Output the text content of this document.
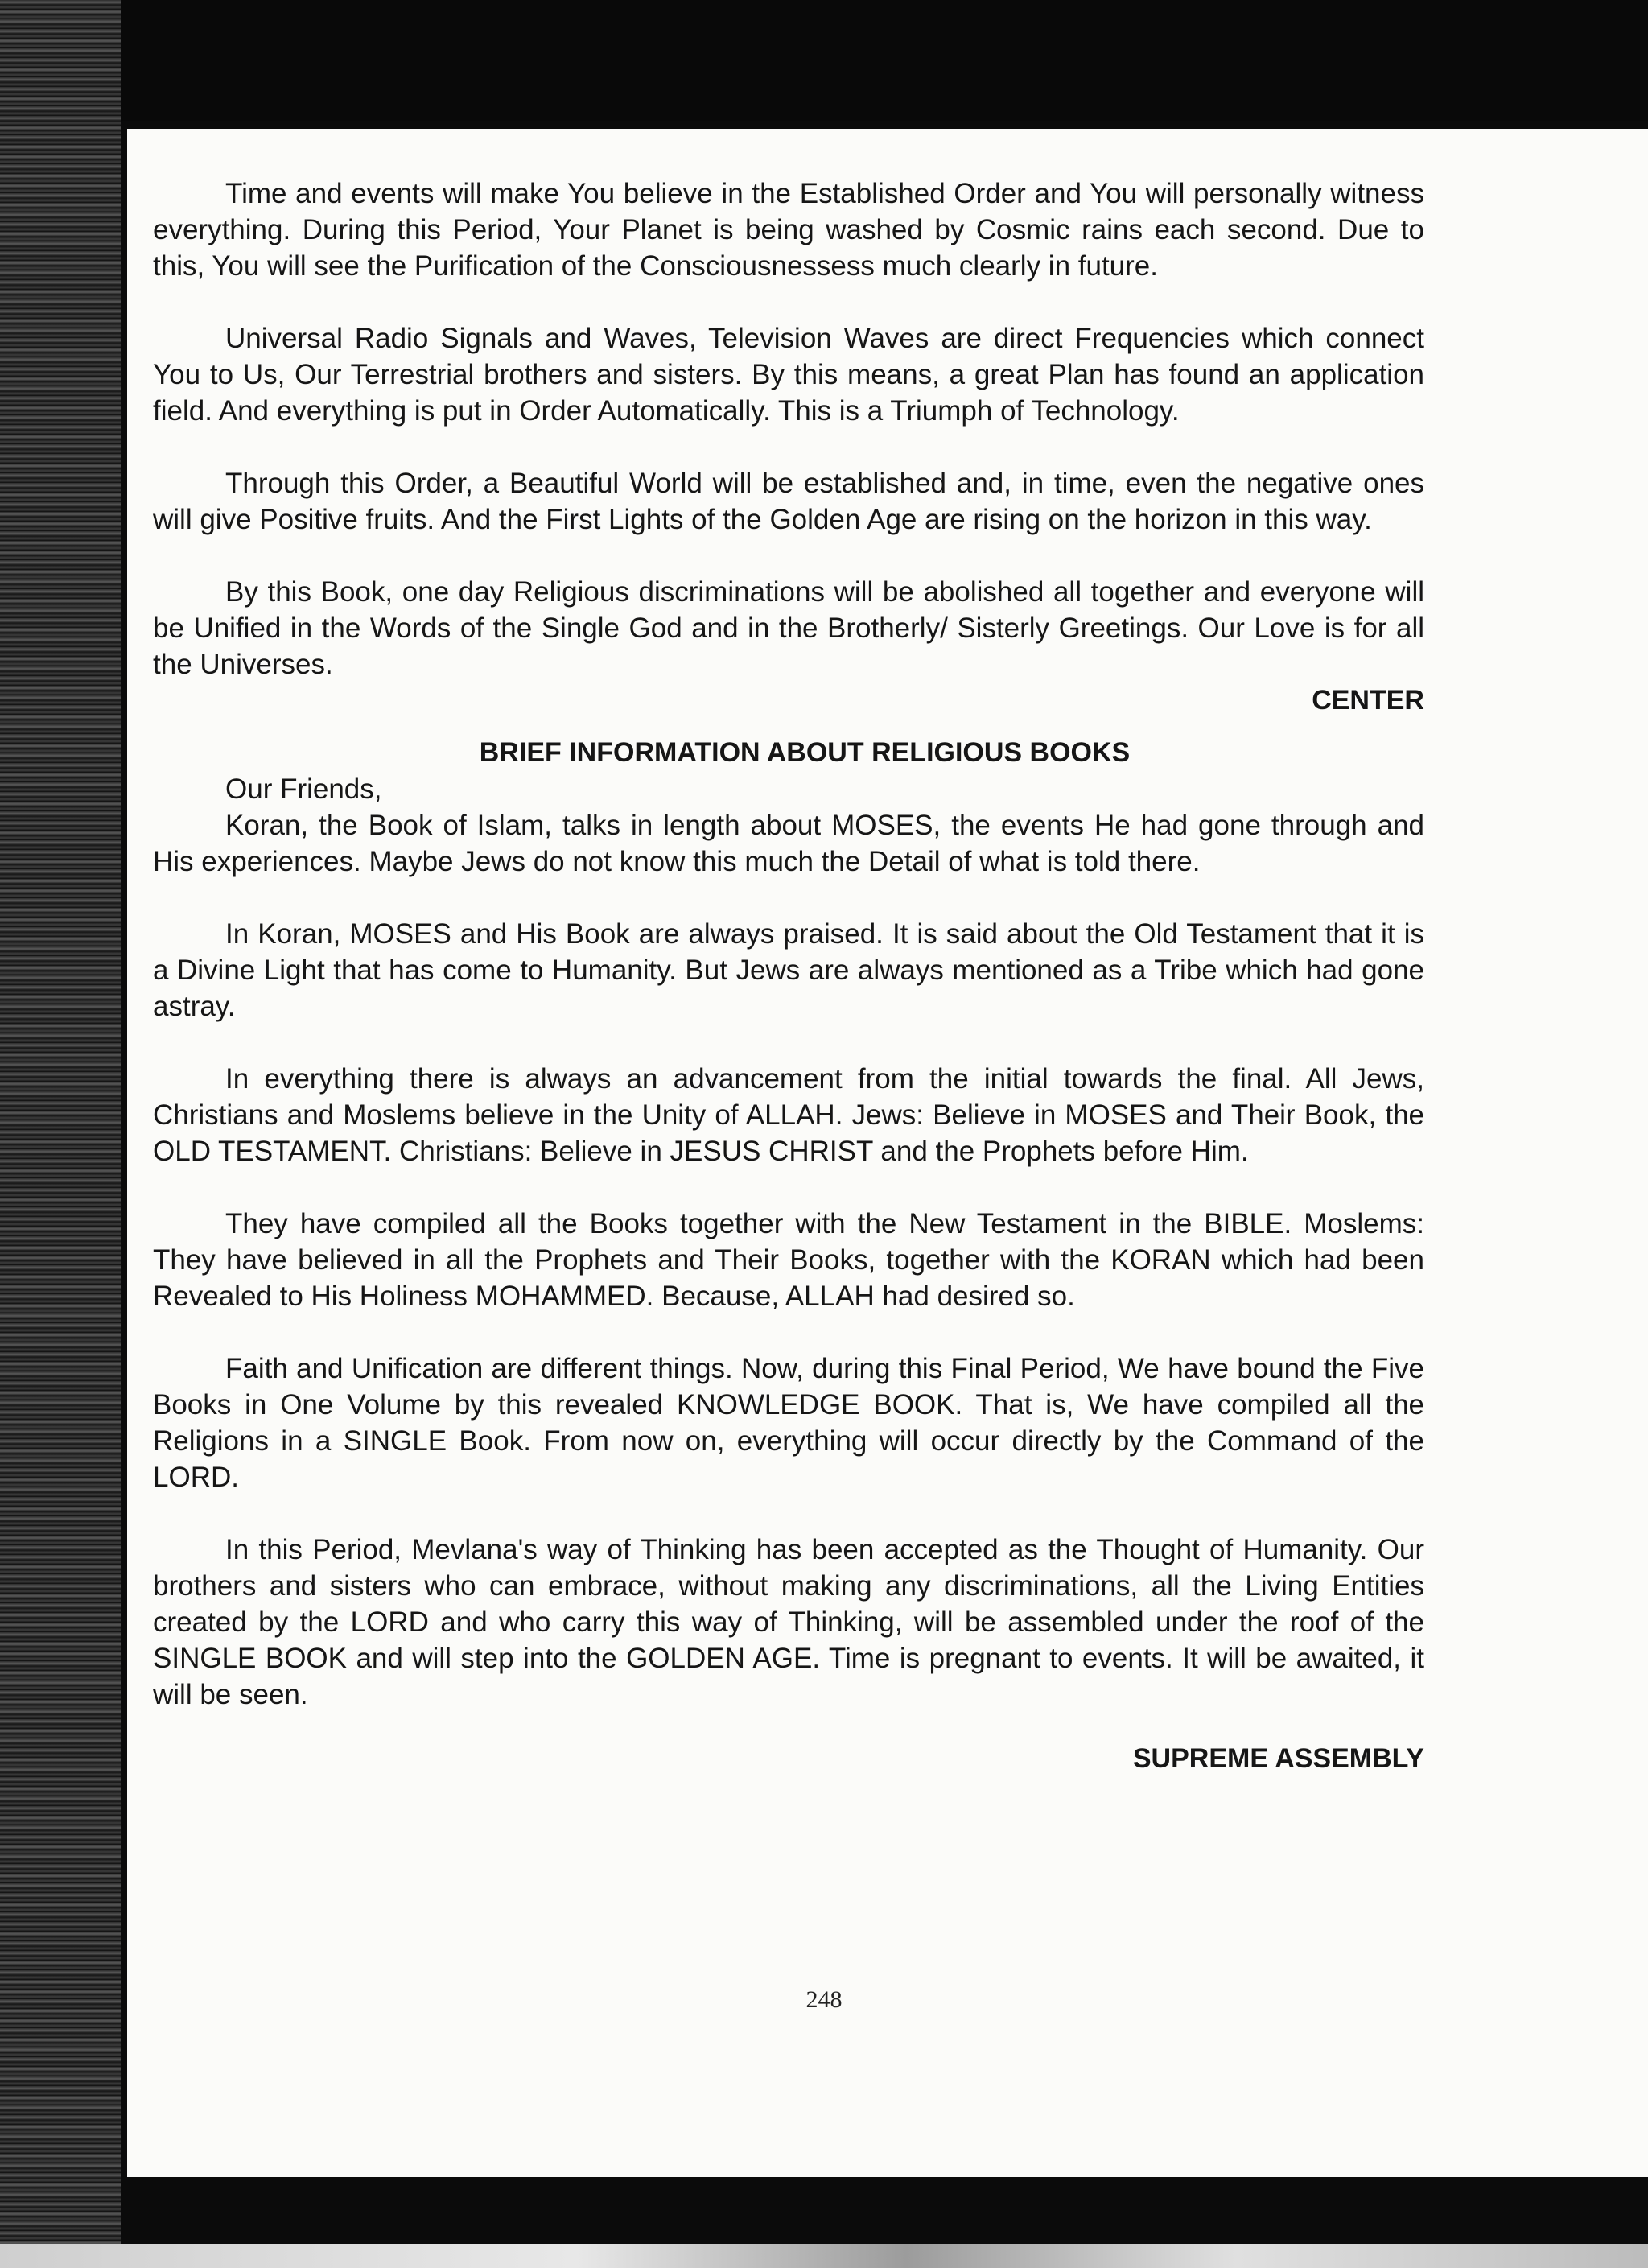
Time and events will make You believe in the Established Order and You will personally witness everything. During this Period, Your Planet is being washed by Cosmic rains each second. Due to this, You will see the Purification of the Consciousnessess much clearly in future.

Universal Radio Signals and Waves, Television Waves are direct Frequencies which connect You to Us, Our Terrestrial brothers and sisters. By this means, a great Plan has found an application field. And everything is put in Order Automatically. This is a Triumph of Technology.

Through this Order, a Beautiful World will be established and, in time, even the negative ones will give Positive fruits. And the First Lights of the Golden Age are rising on the horizon in this way.

By this Book, one day Religious discriminations will be abolished all together and everyone will be Unified in the Words of the Single God and in the Brotherly/ Sisterly Greetings. Our Love is for all the Universes.

CENTER
BRIEF INFORMATION ABOUT RELIGIOUS BOOKS
Our Friends,

Koran, the Book of Islam, talks in length about MOSES, the events He had gone through and His experiences. Maybe Jews do not know this much the Detail of what is told there.

In Koran, MOSES and His Book are always praised. It is said about the Old Testament that it is a Divine Light that has come to Humanity. But Jews are always mentioned as a Tribe which had gone astray.

In everything there is always an advancement from the initial towards the final. All Jews, Christians and Moslems believe in the Unity of ALLAH. Jews: Believe in MOSES and Their Book, the OLD TESTAMENT. Christians: Believe in JESUS CHRIST and the Prophets before Him.

They have compiled all the Books together with the New Testament in the BIBLE. Moslems: They have believed in all the Prophets and Their Books, together with the KORAN which had been Revealed to His Holiness MOHAMMED. Because, ALLAH had desired so.

Faith and Unification are different things. Now, during this Final Period, We have bound the Five Books in One Volume by this revealed KNOWLEDGE BOOK. That is, We have compiled all the Religions in a SINGLE Book. From now on, everything will occur directly by the Command of the LORD.

In this Period, Mevlana's way of Thinking has been accepted as the Thought of Humanity. Our brothers and sisters who can embrace, without making any discriminations, all the Living Entities created by the LORD and who carry this way of Thinking, will be assembled under the roof of the SINGLE BOOK and will step into the GOLDEN AGE. Time is pregnant to events. It will be awaited, it will be seen.

SUPREME ASSEMBLY
248
